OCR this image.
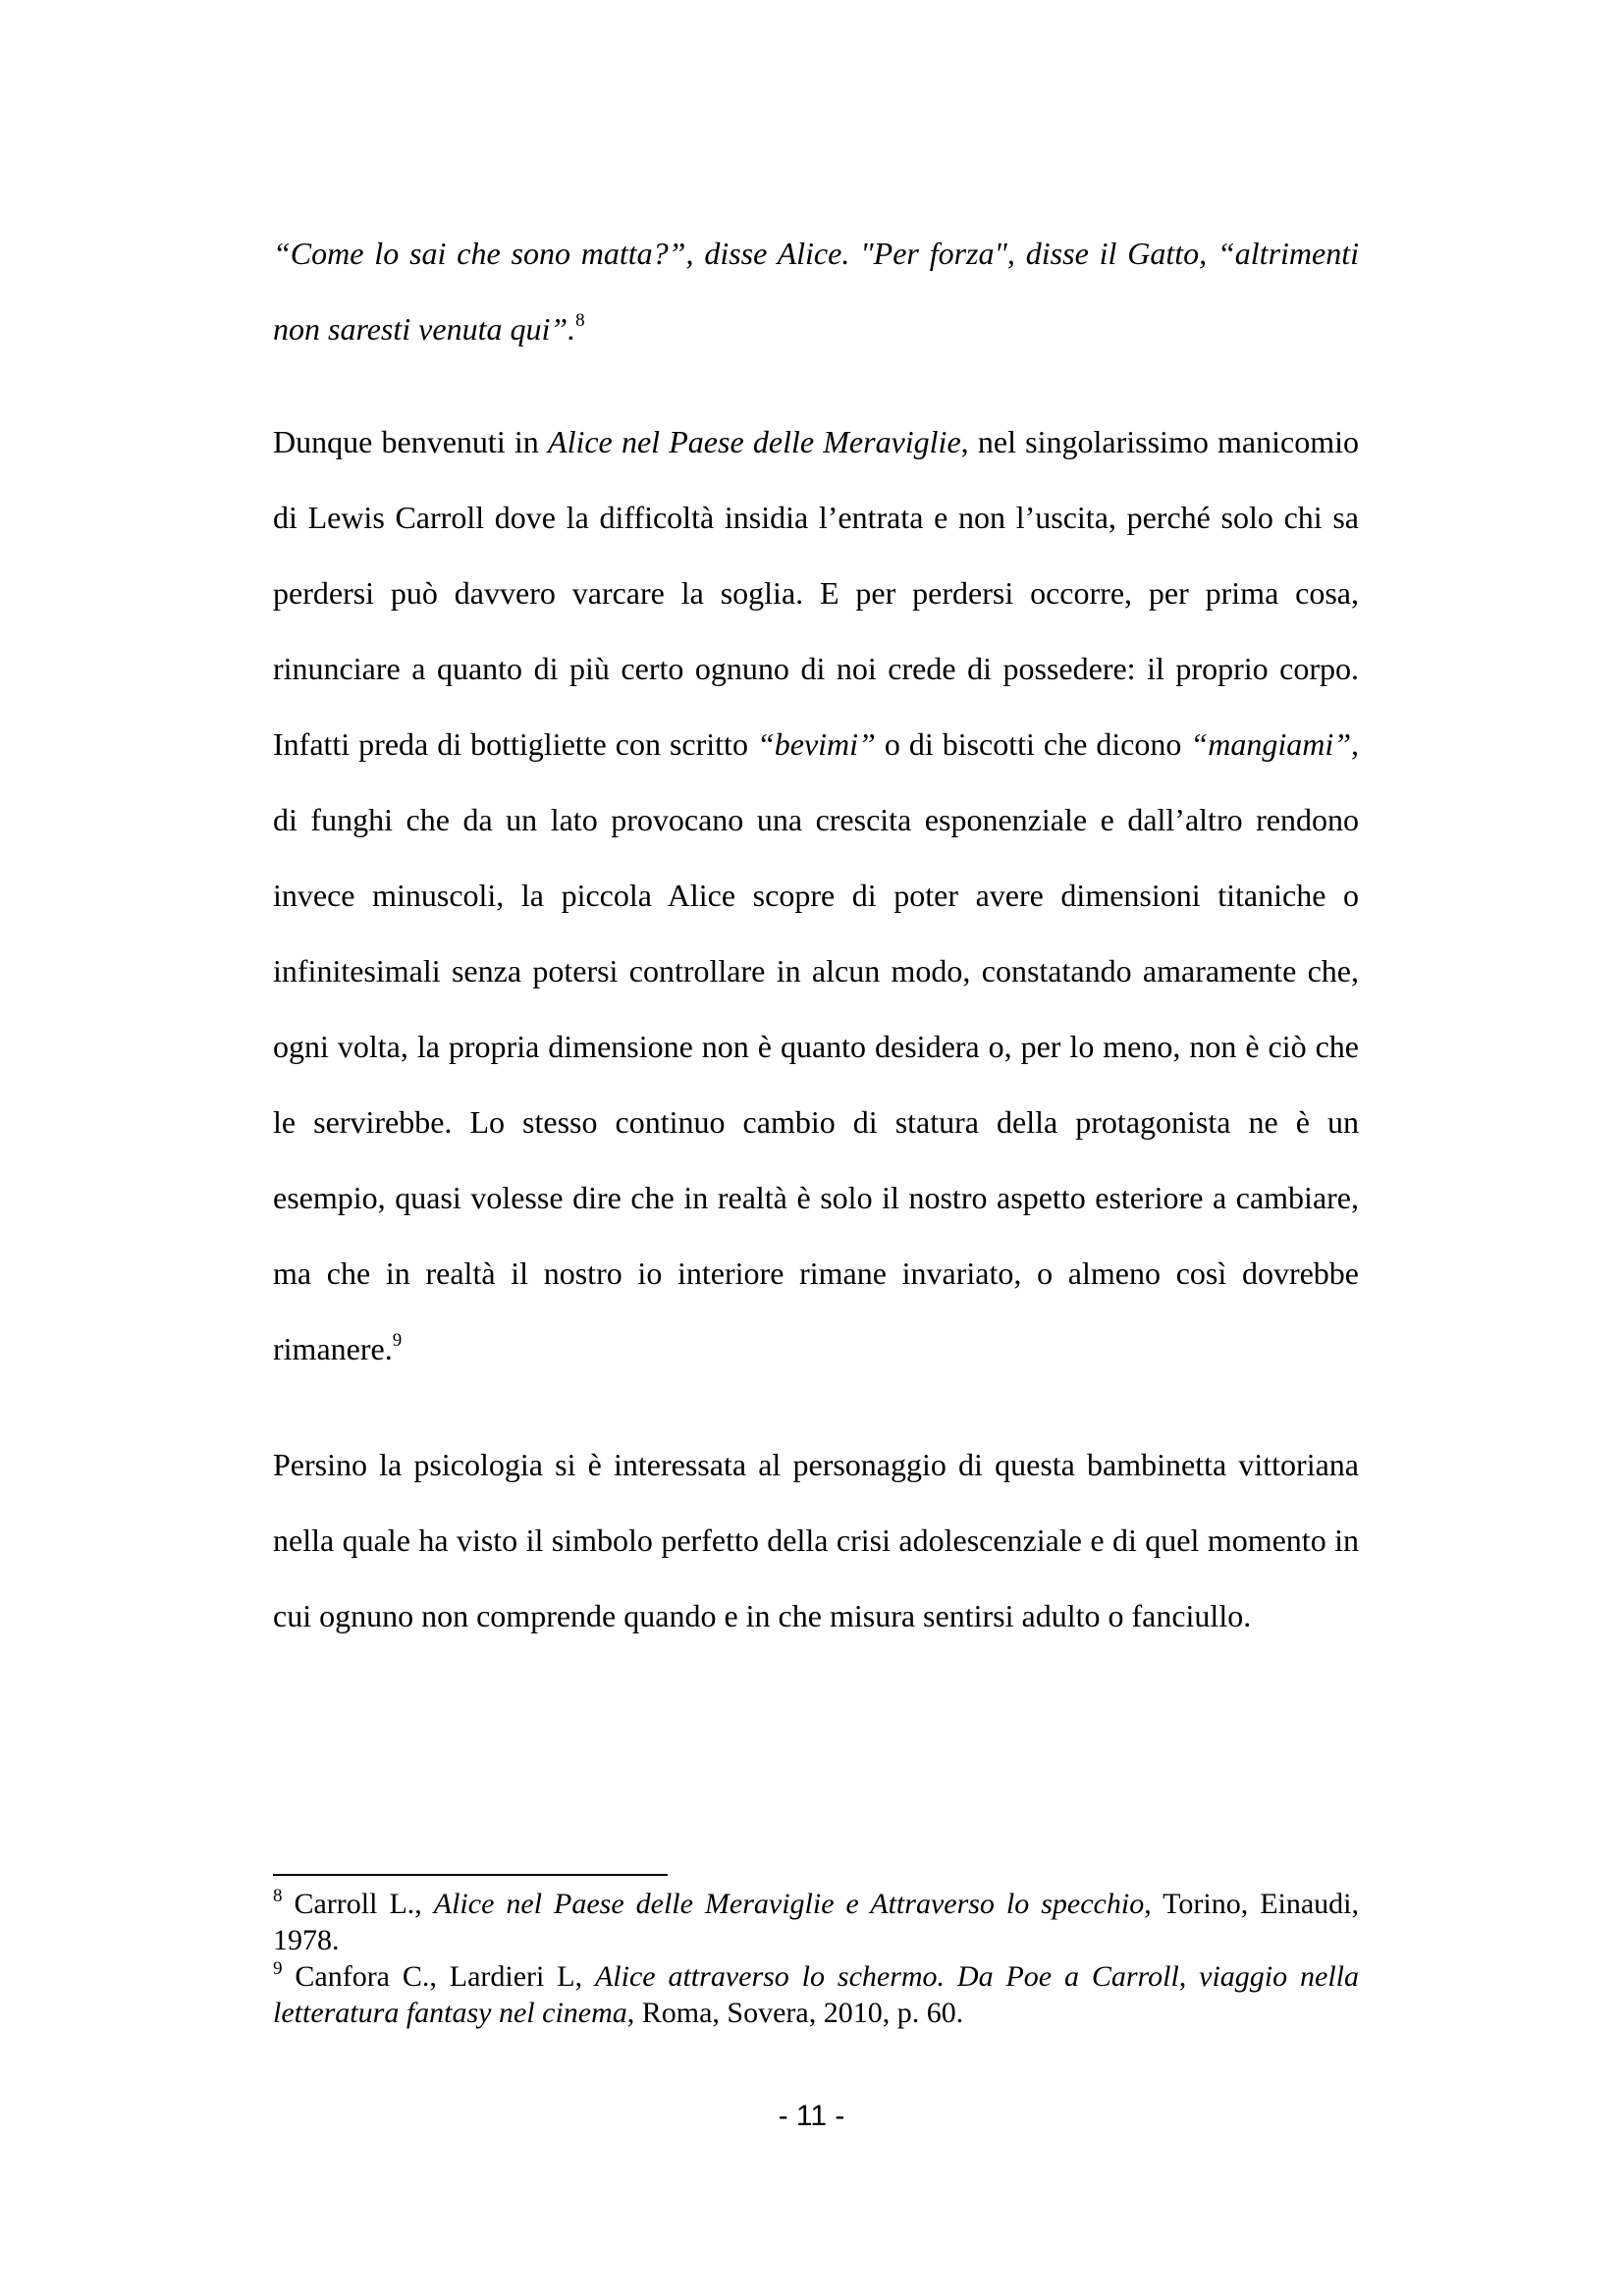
“Come lo sai che sono matta?”, disse Alice. "Per forza", disse il Gatto, “altrimenti non saresti venuta qui”.$^8$

Dunque benvenuti in Alice nel Paese delle Meraviglie, nel singolarissimo manicomio di Lewis Carroll dove la difficoltà insidia l’entrata e non l’uscita, perché solo chi sa perdersi può davvero varcare la soglia. E per perdersi occorre, per prima cosa, rinunciare a quanto di più certo ognuno di noi crede di possedere: il proprio corpo. Infatti preda di bottigliette con scritto “bevimi” o di biscotti che dicono “mangiami”, di funghi che da un lato provocano una crescita esponenziale e dall’altro rendono invece minuscoli, la piccola Alice scopre di poter avere dimensioni titaniche o infinitesimali senza potersi controllare in alcun modo, constatando amaramente che, ogni volta, la propria dimensione non è quanto desidera o, per lo meno, non è ciò che le servirebbe. Lo stesso continuo cambio di statura della protagonista ne è un esempio, quasi volesse dire che in realtà è solo il nostro aspetto esteriore a cambiare, ma che in realtà il nostro io interiore rimane invariato, o almeno così dovrebbe rimanere.$^9$

Persino la psicologia si è interessata al personaggio di questa bambinetta vittoriana nella quale ha visto il simbolo perfetto della crisi adolescenziale e di quel momento in cui ognuno non comprende quando e in che misura sentirsi adulto o fanciullo.

$^8$ Carroll L., Alice nel Paese delle Meraviglie e Attraverso lo specchio, Torino, Einaudi, 1978.

$^9$ Canfora C., Lardieri L, Alice attraverso lo schermo. Da Poe a Carroll, viaggio nella letteratura fantasy nel cinema, Roma, Sovera, 2010, p. 60.

- 11 -
